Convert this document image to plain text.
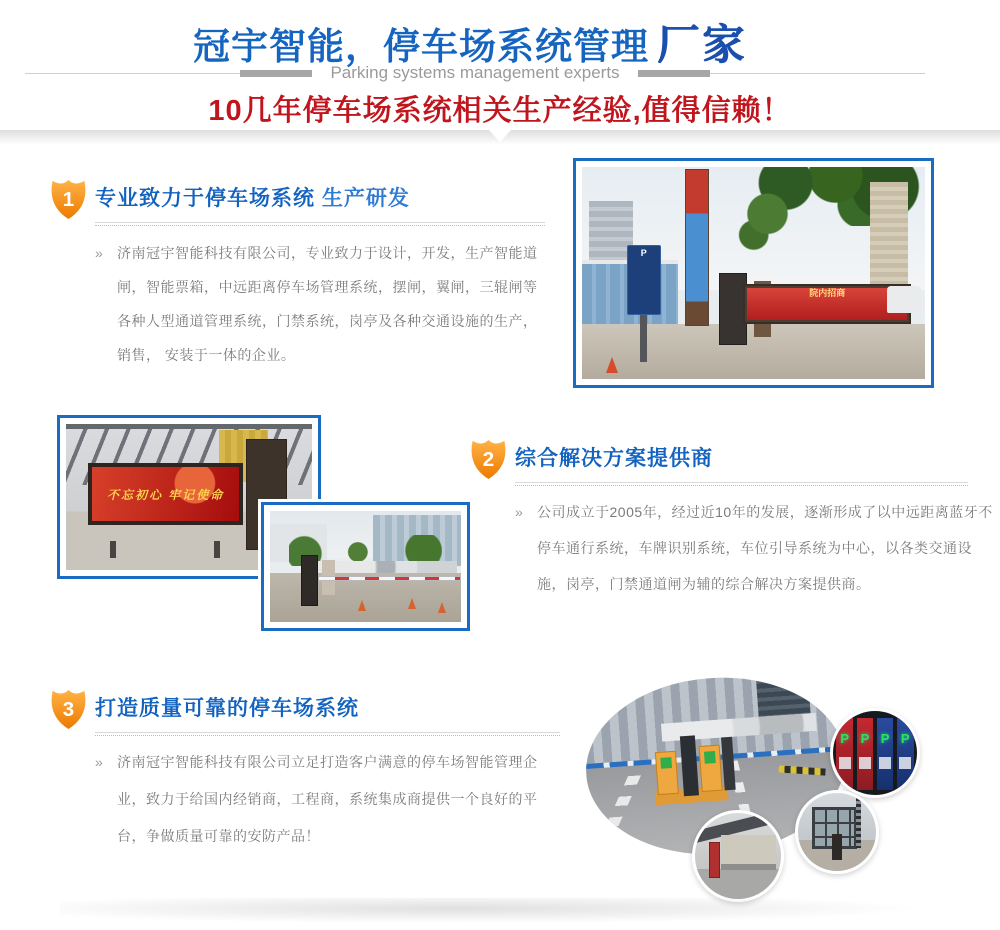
冠宇智能，停车场系统管理 厂家
Parking systems management experts
10几年停车场系统相关生产经验,值得信赖！
1 专业致力于停车场系统 生产研发
» 济南冠宇智能科技有限公司，专业致力于设计，开发，生产智能道闸，智能票箱，中远距离停车场管理系统，摆闸，翼闸，三辊闸等各种人型通道管理系统，门禁系统，岗亭及各种交通设施的生产， 销售， 安装于一体的企业。
P
院内招商
不忘初心 牢记使命
2 综合解决方案提供商
» 公司成立于2005年，经过近10年的发展，逐渐形成了以中远距离蓝牙不停车通行系统，车牌识别系统，车位引导系统为中心，以各类交通设施，岗亭，门禁通道闸为辅的综合解决方案提供商。
3 打造质量可靠的停车场系统
» 济南冠宇智能科技有限公司立足打造客户满意的停车场智能管理企业，致力于给国内经销商，工程商，系统集成商提供一个良好的平台，争做质量可靠的安防产品！
P P P P
